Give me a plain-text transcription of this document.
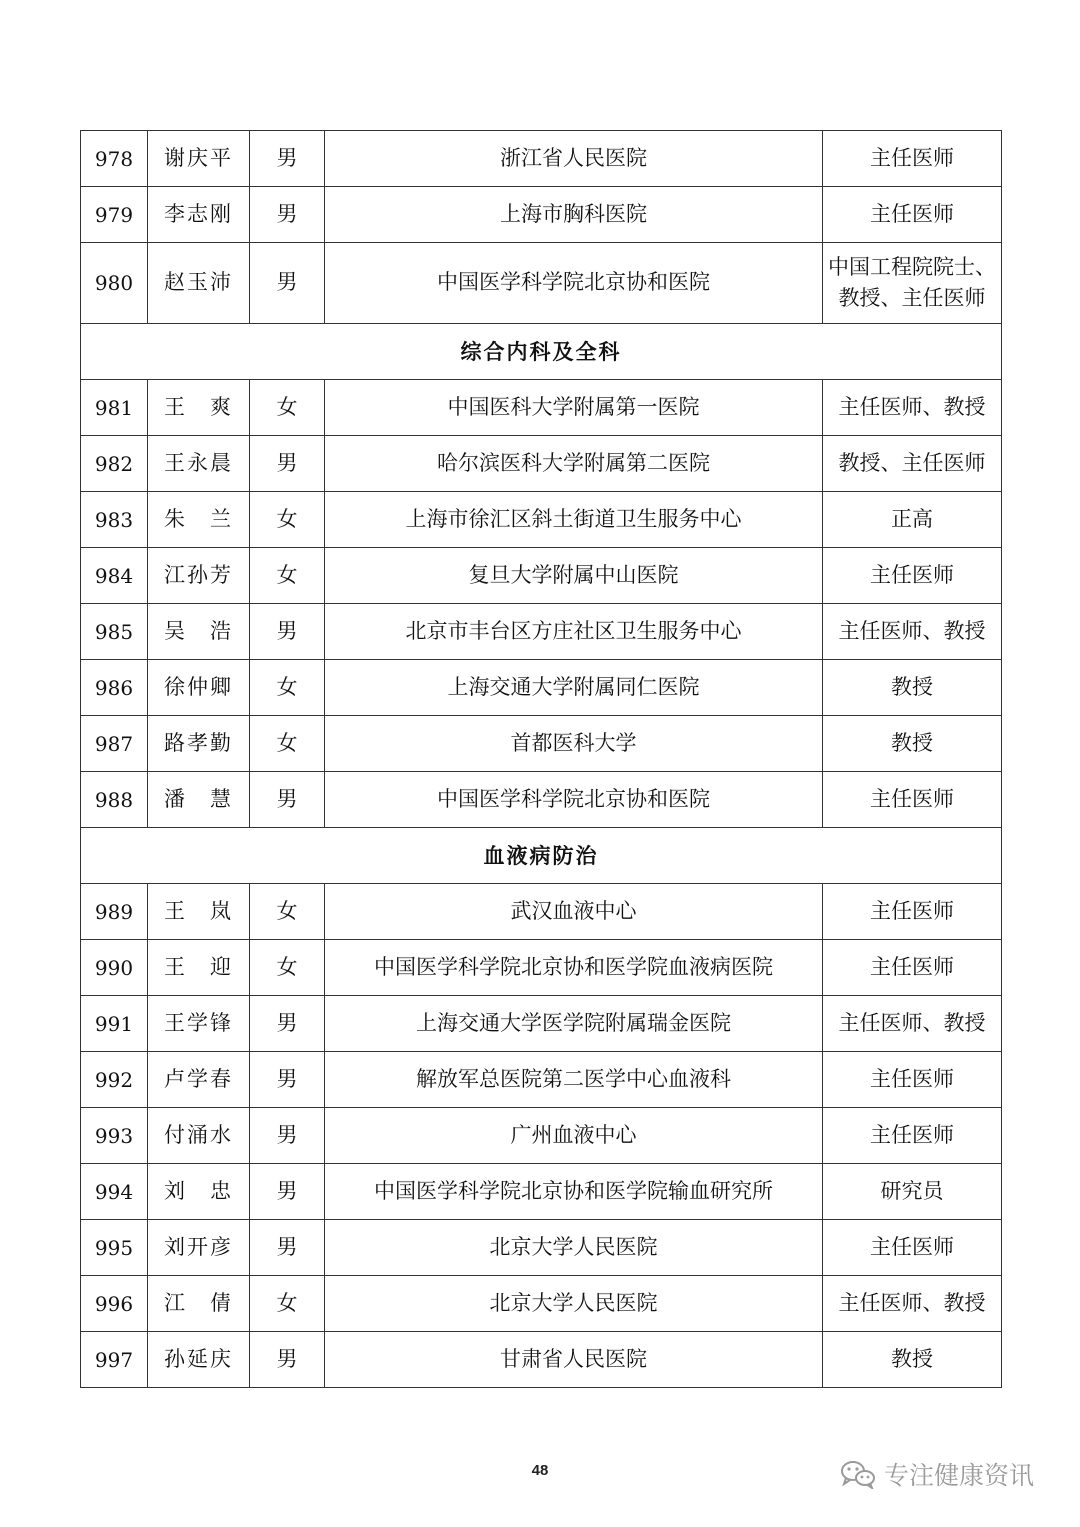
978	谢庆平	男	浙江省人民医院	主任医师

979	李志刚	男	上海市胸科医院	主任医师

980	赵玉沛	男	中国医学科学院北京协和医院	中国工程院院士、
教授、主任医师

综合内科及全科				
981	王　爽	女	中国医科大学附属第一医院	主任医师、教授

982	王永晨	男	哈尔滨医科大学附属第二医院	教授、主任医师

983	朱　兰	女	上海市徐汇区斜土街道卫生服务中心	正高

984	江孙芳	女	复旦大学附属中山医院	主任医师

985	吴　浩	男	北京市丰台区方庄社区卫生服务中心	主任医师、教授

986	徐仲卿	女	上海交通大学附属同仁医院	教授

987	路孝勤	女	首都医科大学	教授

988	潘　慧	男	中国医学科学院北京协和医院	主任医师

血液病防治				
989	王　岚	女	武汉血液中心	主任医师

990	王　迎	女	中国医学科学院北京协和医学院血液病医院	主任医师

991	王学锋	男	上海交通大学医学院附属瑞金医院	主任医师、教授

992	卢学春	男	解放军总医院第二医学中心血液科	主任医师

993	付涌水	男	广州血液中心	主任医师

994	刘　忠	男	中国医学科学院北京协和医学院输血研究所	研究员

995	刘开彦	男	北京大学人民医院	主任医师

996	江　倩	女	北京大学人民医院	主任医师、教授

997	孙延庆	男	甘肃省人民医院	教授
48	专注健康资讯
